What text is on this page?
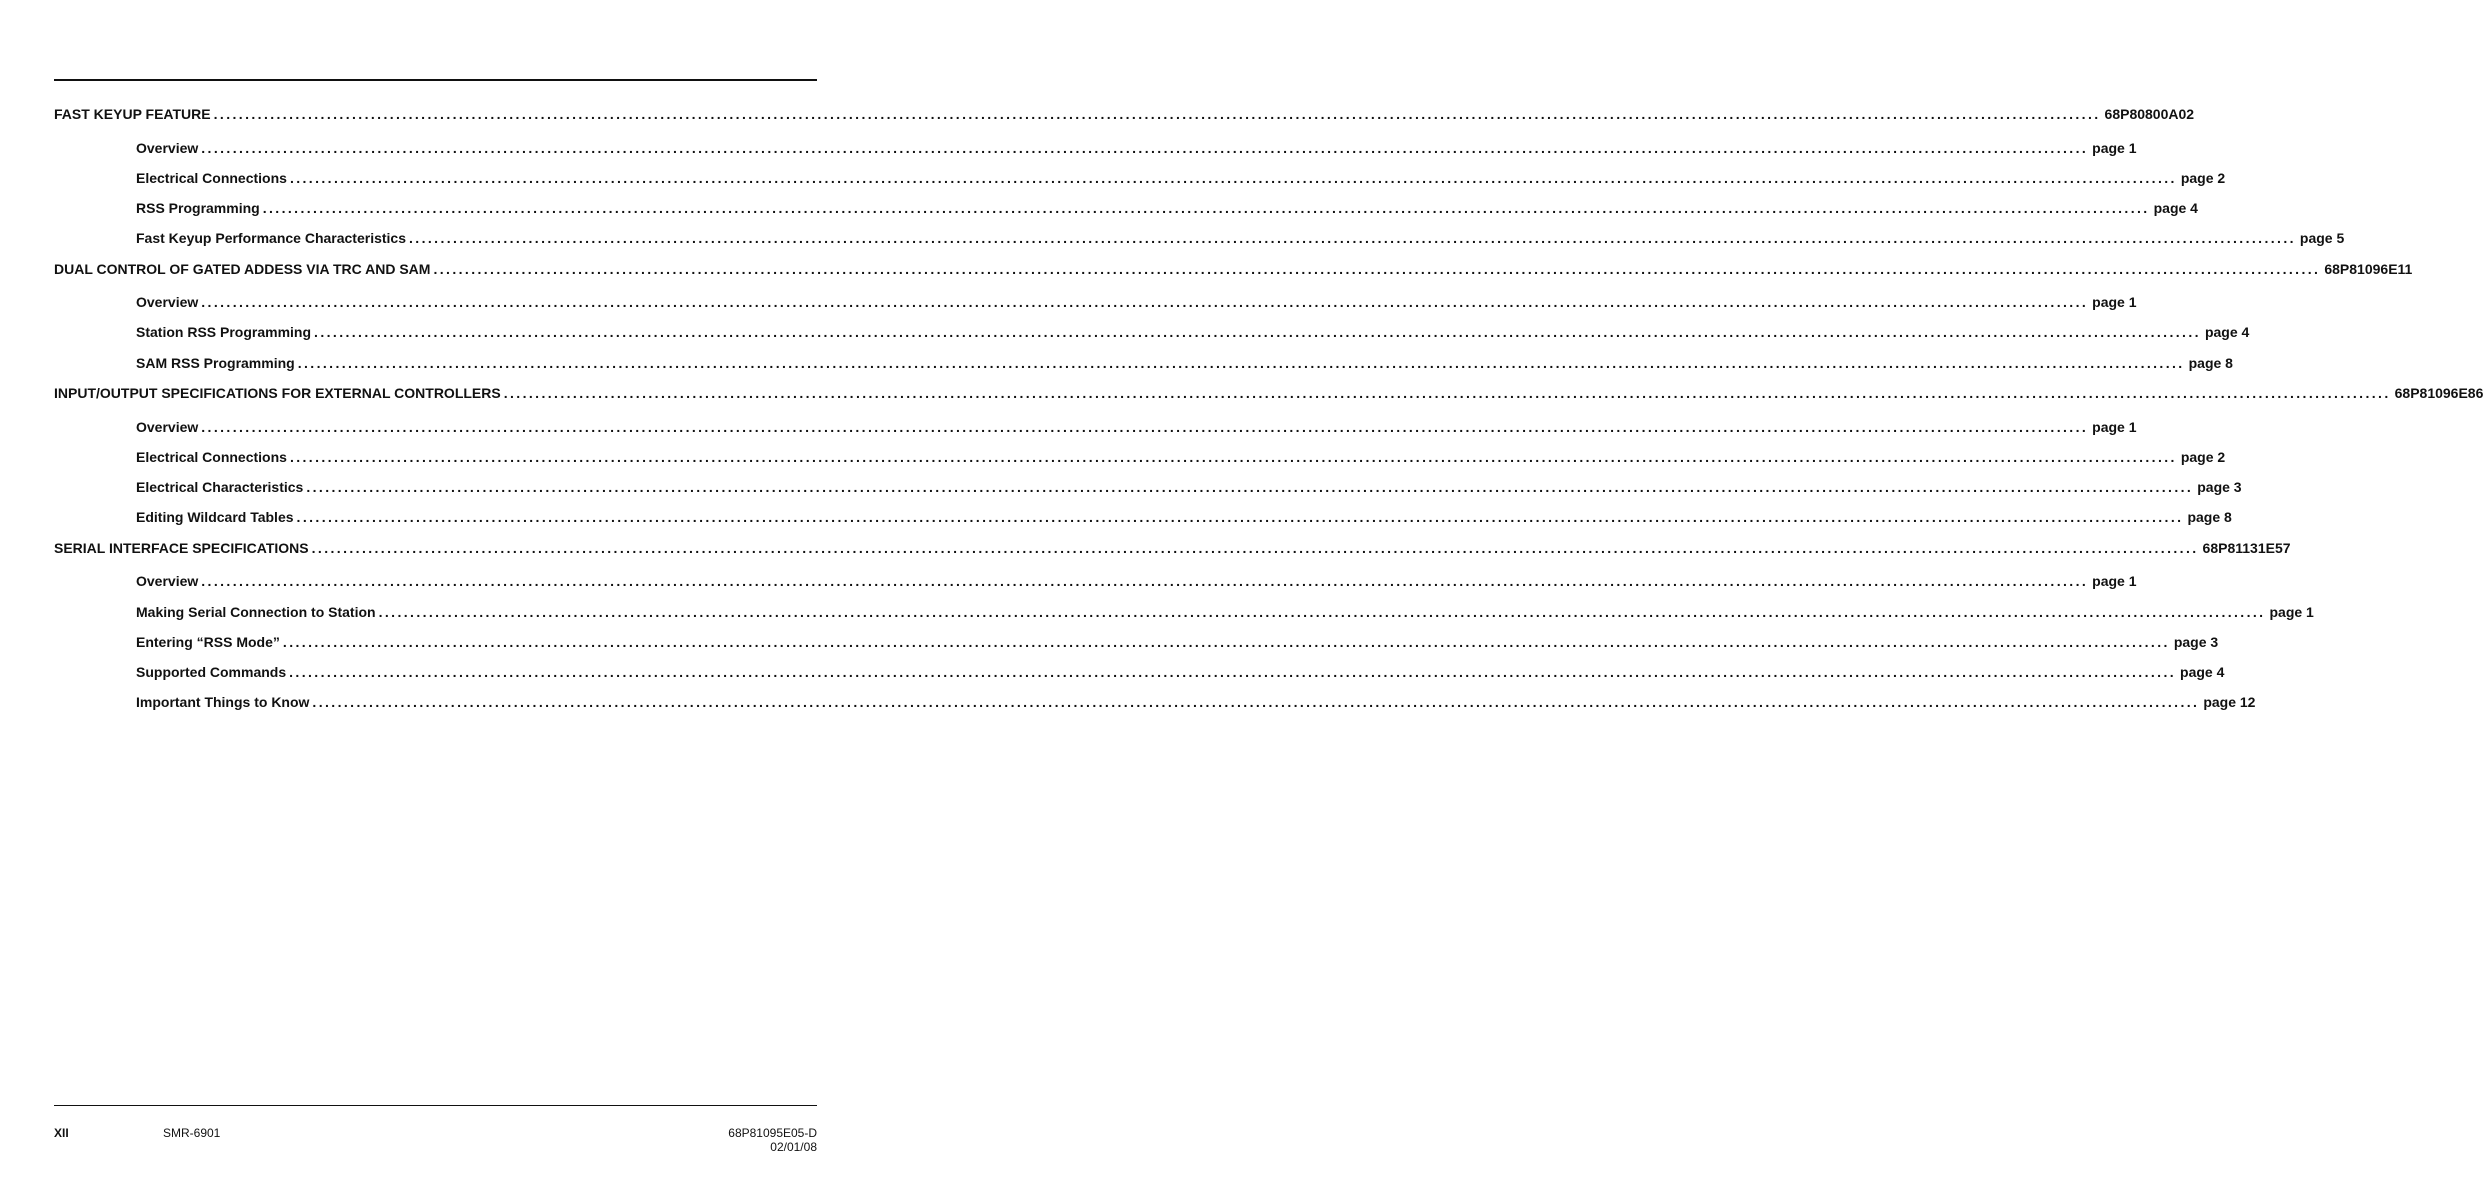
FAST KEYUP FEATURE ............................................................................................................................................................................................................................................................................................................ 68P80800A02
Overview ............................................................................................................................................................................................................................................................................................................ page 1
Electrical Connections ............................................................................................................................................................................................................................................................................................................ page 2
RSS Programming ............................................................................................................................................................................................................................................................................................................ page 4
Fast Keyup Performance Characteristics ............................................................................................................................................................................................................................................................................................................ page 5
DUAL CONTROL OF GATED ADDESS VIA TRC AND SAM ............................................................................................................................................................................................................................................................................................................ 68P81096E11
Overview ............................................................................................................................................................................................................................................................................................................ page 1
Station RSS Programming ............................................................................................................................................................................................................................................................................................................ page 4
SAM RSS Programming ............................................................................................................................................................................................................................................................................................................ page 8
INPUT/OUTPUT SPECIFICATIONS FOR EXTERNAL CONTROLLERS ............................................................................................................................................................................................................................................................................................................ 68P81096E86
Overview ............................................................................................................................................................................................................................................................................................................ page 1
Electrical Connections ............................................................................................................................................................................................................................................................................................................ page 2
Electrical Characteristics ............................................................................................................................................................................................................................................................................................................ page 3
Editing Wildcard Tables ............................................................................................................................................................................................................................................................................................................ page 8
SERIAL INTERFACE SPECIFICATIONS ............................................................................................................................................................................................................................................................................................................ 68P81131E57
Overview ............................................................................................................................................................................................................................................................................................................ page 1
Making Serial Connection to Station ............................................................................................................................................................................................................................................................................................................ page 1
Entering “RSS Mode” ............................................................................................................................................................................................................................................................................................................ page 3
Supported Commands ............................................................................................................................................................................................................................................................................................................ page 4
Important Things to Know ............................................................................................................................................................................................................................................................................................................ page 12
XII	SMR-6901	68P81095E05-D
02/01/08
